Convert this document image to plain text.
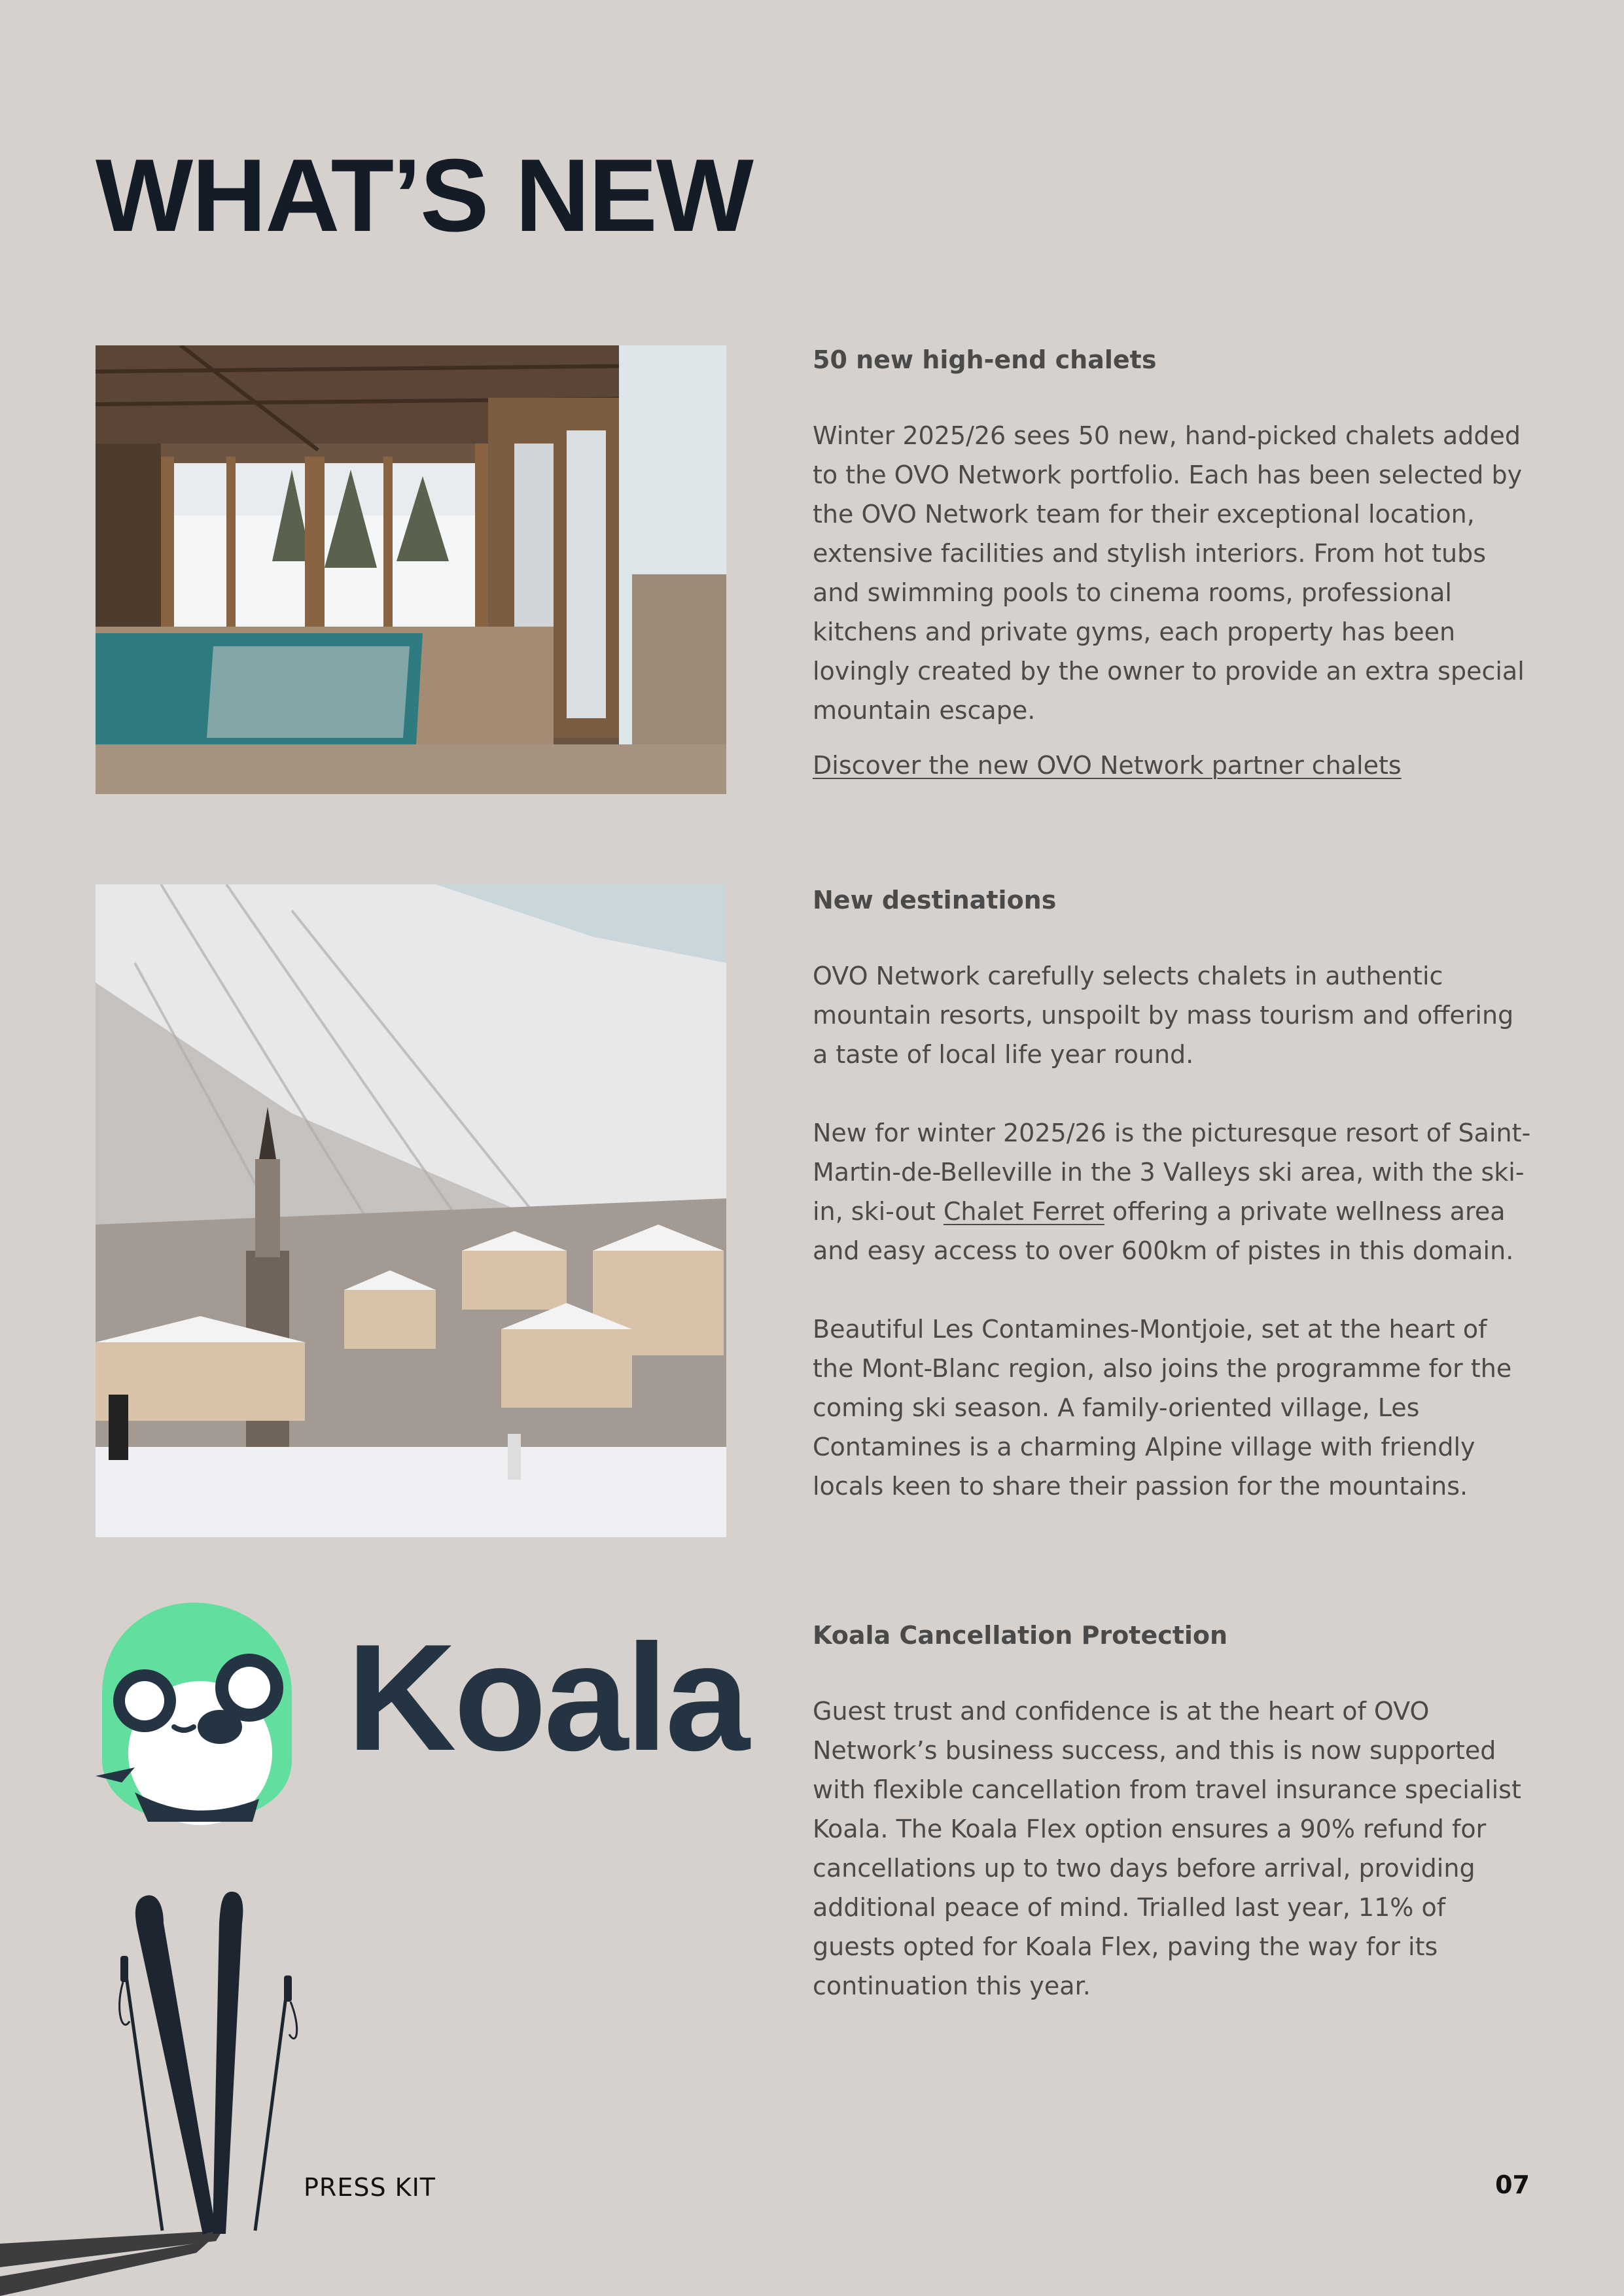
WHAT’S NEW
50 new high-end chalets

Winter 2025/26 sees 50 new, hand-picked chalets added to the OVO Network portfolio. Each has been selected by the OVO Network team for their exceptional location, extensive facilities and stylish interiors. From hot tubs and swimming pools to cinema rooms, professional kitchens and private gyms, each property has been lovingly created by the owner to provide an extra special mountain escape.

Discover the new OVO Network partner chalets
New destinations

OVO Network carefully selects chalets in authentic mountain resorts, unspoilt by mass tourism and offering a taste of local life year round.

New for winter 2025/26 is the picturesque resort of Saint-Martin-de-Belleville in the 3 Valleys ski area, with the ski-in, ski-out Chalet Ferret offering a private wellness area and easy access to over 600km of pistes in this domain.

Beautiful Les Contamines-Montjoie, set at the heart of the Mont-Blanc region, also joins the programme for the coming ski season. A family-oriented village, Les Contamines is a charming Alpine village with friendly locals keen to share their passion for the mountains.

Koala	Koala Cancellation Protection

Guest trust and confidence is at the heart of OVO Network’s business success, and this is now supported with flexible cancellation from travel insurance specialist Koala. The Koala Flex option ensures a 90% refund for cancellations up to two days before arrival, providing additional peace of mind. Trialled last year, 11% of guests opted for Koala Flex, paving the way for its continuation this year.

PRESS KIT	07
